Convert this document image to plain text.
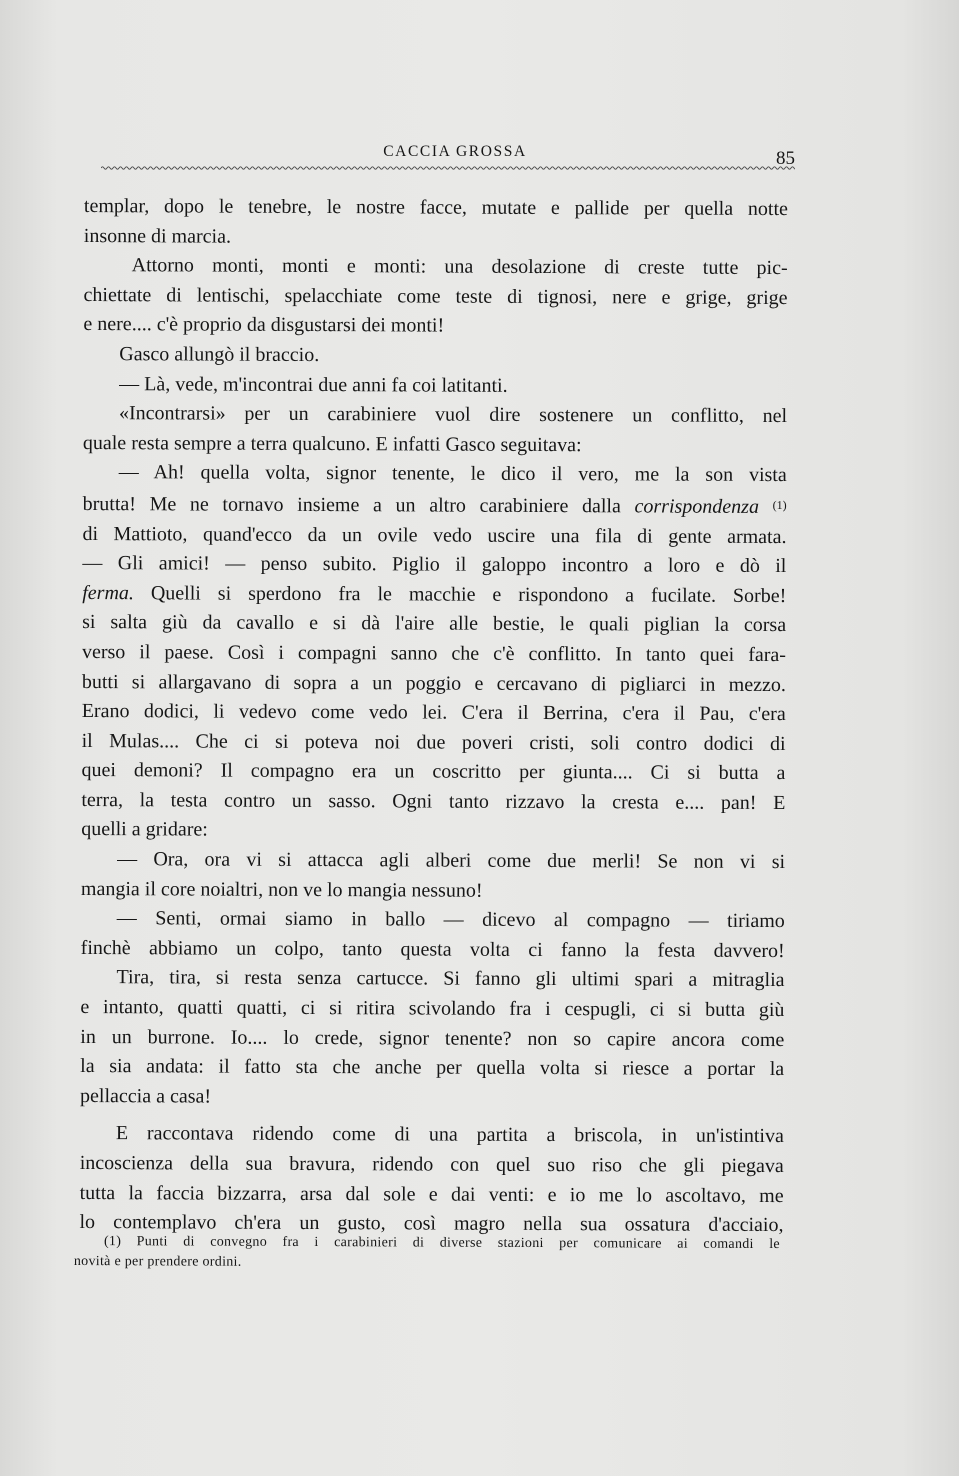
CACCIA GROSSA	85
templar, dopo le tenebre, le nostre facce, mutate e pallide per quella notte
insonne di marcia.
Attorno monti, monti e monti: una desolazione di creste tutte pic-
chiettate di lentischi, spelacchiate come teste di tignosi, nere e grige, grige
e nere.... c'è proprio da disgustarsi dei monti!
Gasco allungò il braccio.
— Là, vede, m'incontrai due anni fa coi latitanti.
«Incontrarsi» per un carabiniere vuol dire sostenere un conflitto, nel
quale resta sempre a terra qualcuno. E infatti Gasco seguitava:
— Ah! quella volta, signor tenente, le dico il vero, me la son vista
brutta! Me ne tornavo insieme a un altro carabiniere dalla corrispondenza $^{(1)}$
di Mattioto, quand'ecco da un ovile vedo uscire una fila di gente armata.
— Gli amici! — penso subito. Piglio il galoppo incontro a loro e dò il
ferma. Quelli si sperdono fra le macchie e rispondono a fucilate. Sorbe!
si salta giù da cavallo e si dà l'aire alle bestie, le quali piglian la corsa
verso il paese. Così i compagni sanno che c'è conflitto. In tanto quei fara-
butti si allargavano di sopra a un poggio e cercavano di pigliarci in mezzo.
Erano dodici, li vedevo come vedo lei. C'era il Berrina, c'era il Pau, c'era
il Mulas.... Che ci si poteva noi due poveri cristi, soli contro dodici di
quei demoni? Il compagno era un coscritto per giunta.... Ci si butta a
terra, la testa contro un sasso. Ogni tanto rizzavo la cresta e.... pan! E
quelli a gridare:
— Ora, ora vi si attacca agli alberi come due merli! Se non vi si
mangia il core noialtri, non ve lo mangia nessuno!
— Senti, ormai siamo in ballo — dicevo al compagno — tiriamo
finchè abbiamo un colpo, tanto questa volta ci fanno la festa davvero!
Tira, tira, si resta senza cartucce. Si fanno gli ultimi spari a mitraglia
e intanto, quatti quatti, ci si ritira scivolando fra i cespugli, ci si butta giù
in un burrone. Io.... lo crede, signor tenente? non so capire ancora come
la sia andata: il fatto sta che anche per quella volta si riesce a portar la
pellaccia a casa!
E raccontava ridendo come di una partita a briscola, in un'istintiva
incoscienza della sua bravura, ridendo con quel suo riso che gli piegava
tutta la faccia bizzarra, arsa dal sole e dai venti: e io me lo ascoltavo, me
lo contemplavo ch'era un gusto, così magro nella sua ossatura d'acciaio,
(1) Punti di convegno fra i carabinieri di diverse stazioni per comunicare ai comandi le
novità e per prendere ordini.
